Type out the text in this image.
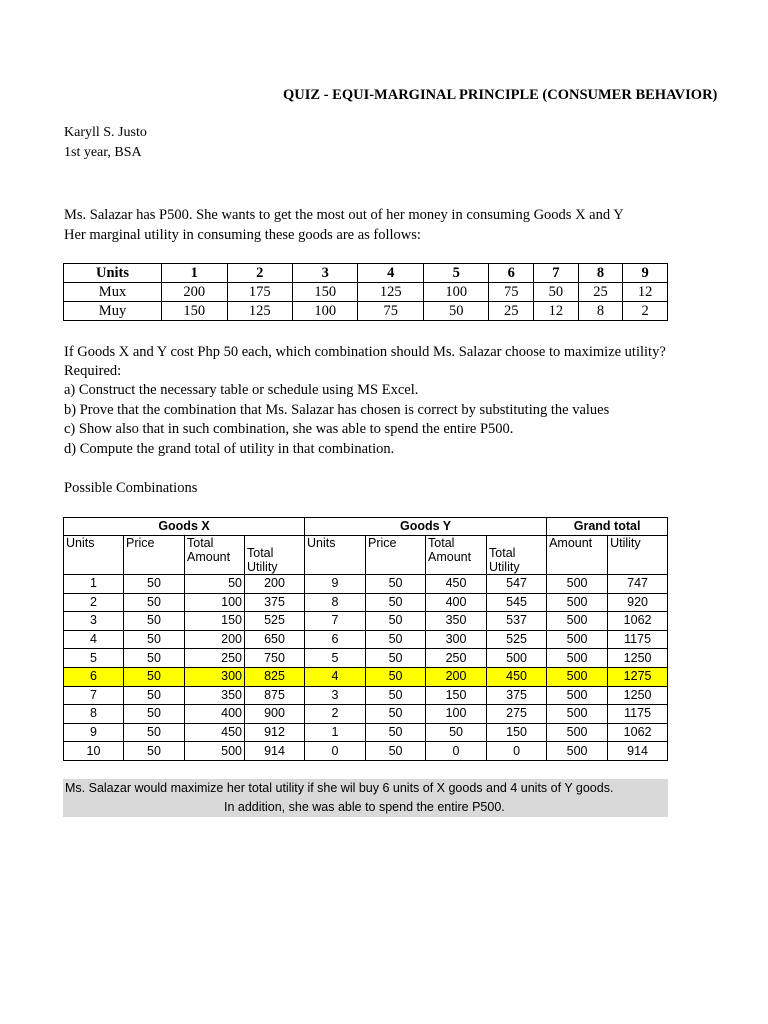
QUIZ - EQUI-MARGINAL PRINCIPLE (CONSUMER BEHAVIOR)
Karyll S. Justo
1st year, BSA
Ms. Salazar has P500. She wants to get the most out of her money in consuming Goods X and Y
Her marginal utility in consuming these goods are as follows:
Units	1	2	3	4	5	6	7	8	9
Mux	200	175	150	125	100	75	50	25	12
Muy	150	125	100	75	50	25	12	8	2
If Goods X and Y cost Php 50 each, which combination should Ms. Salazar choose to maximize utility?
Required:
a) Construct the necessary table or schedule using MS Excel.
b) Prove that the combination that Ms. Salazar has chosen is correct by substituting the values
c) Show also that in such combination, she was able to spend the entire P500.
d) Compute the grand total of utility in that combination.
Possible Combinations
Goods X				Goods Y				Grand total	
Units	Price	Total Amount	Total Utility	Units	Price	Total Amount	Total Utility	Amount	Utility
1	50	50	200	9	50	450	547	500	747
2	50	100	375	8	50	400	545	500	920
3	50	150	525	7	50	350	537	500	1062
4	50	200	650	6	50	300	525	500	1175
5	50	250	750	5	50	250	500	500	1250
6	50	300	825	4	50	200	450	500	1275
7	50	350	875	3	50	150	375	500	1250
8	50	400	900	2	50	100	275	500	1175
9	50	450	912	1	50	50	150	500	1062
10	50	500	914	0	50	0	0	500	914
Ms. Salazar would maximize her total utility if she wil buy 6 units of X goods and 4 units of Y goods.
In addition, she was able to spend the entire P500.
